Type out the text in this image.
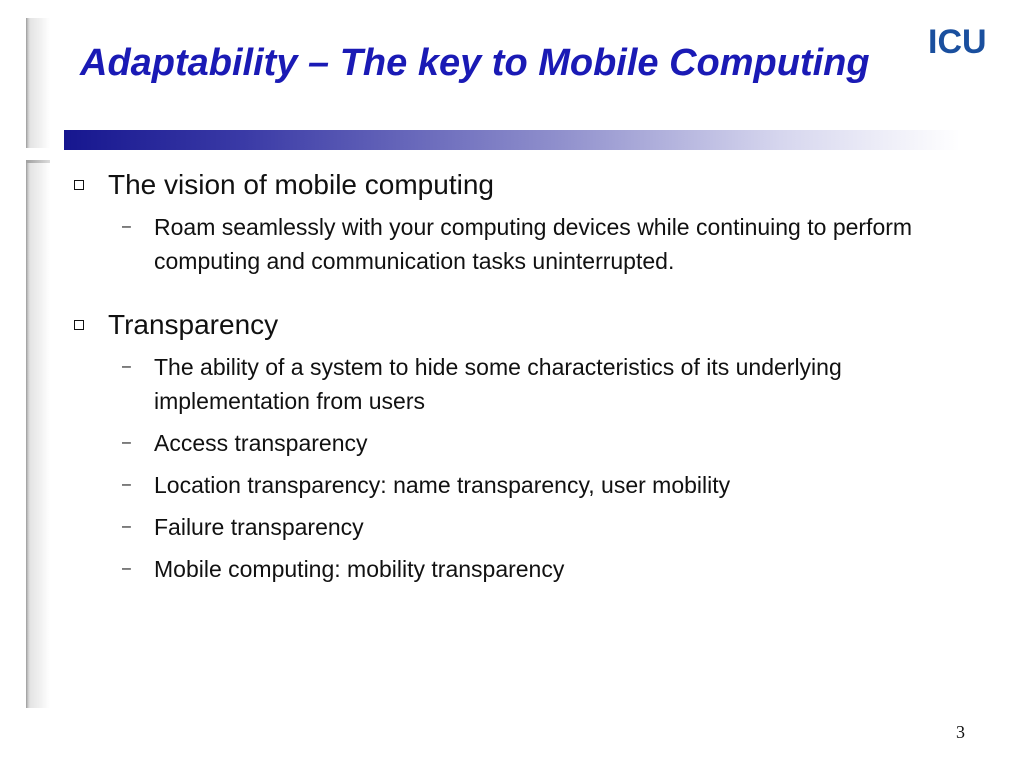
Adaptability – The key to Mobile Computing	ICU
The vision of mobile computing
– Roam seamlessly with your computing devices while continuing to perform computing and communication tasks uninterrupted.
Transparency
– The ability of a system to hide some characteristics of its underlying implementation from users
– Access transparency
– Location transparency: name transparency, user mobility
– Failure transparency
– Mobile computing: mobility transparency
3
